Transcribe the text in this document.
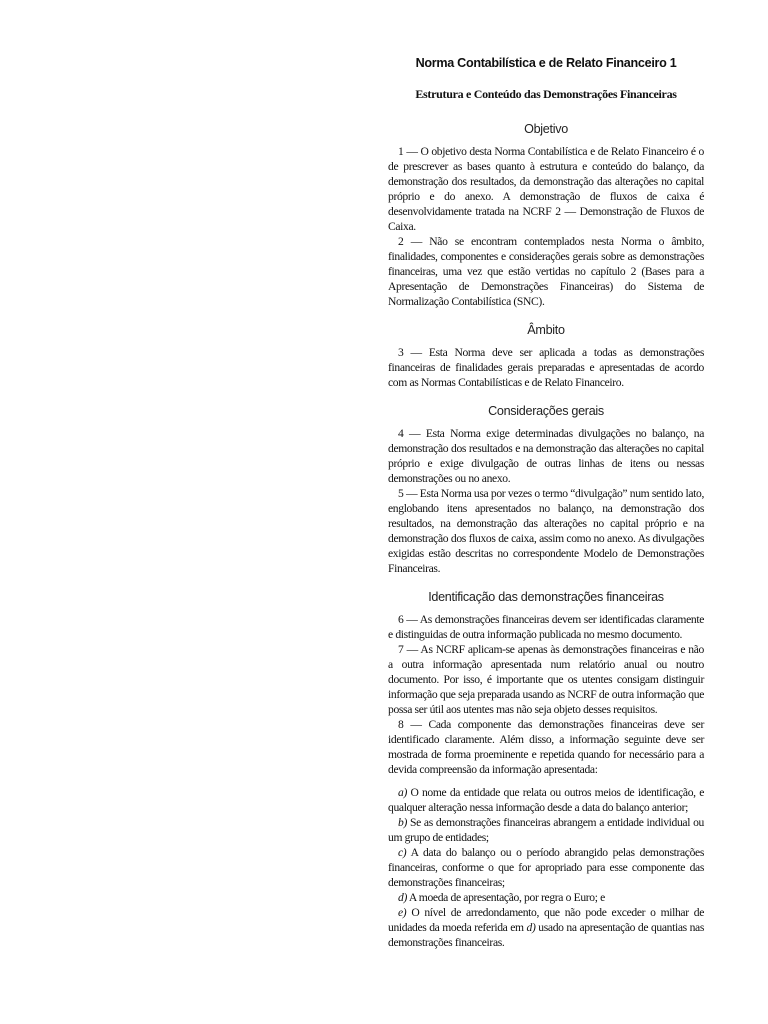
Norma Contabilística e de Relato Financeiro 1
Estrutura e Conteúdo das Demonstrações Financeiras
Objetivo

1 — O objetivo desta Norma Contabilística e de Relato Financeiro é o de prescrever as bases quanto à estrutura e conteúdo do balanço, da demonstração dos resultados, da demonstração das alterações no capital próprio e do anexo. A demonstração de fluxos de caixa é desenvolvidamente tratada na NCRF 2 — Demonstração de Fluxos de Caixa.

2 — Não se encontram contemplados nesta Norma o âmbito, finalidades, componentes e considerações gerais sobre as demonstrações financeiras, uma vez que estão vertidas no capítulo 2 (Bases para a Apresentação de Demonstrações Financeiras) do Sistema de Normalização Contabilística (SNC).

Âmbito

3 — Esta Norma deve ser aplicada a todas as demonstrações financeiras de finalidades gerais preparadas e apresentadas de acordo com as Normas Contabilísticas e de Relato Financeiro.

Considerações gerais

4 — Esta Norma exige determinadas divulgações no balanço, na demonstração dos resultados e na demonstração das alterações no capital próprio e exige divulgação de outras linhas de itens ou nessas demonstrações ou no anexo.

5 — Esta Norma usa por vezes o termo “divulgação” num sentido lato, englobando itens apresentados no balanço, na demonstração dos resultados, na demonstração das alterações no capital próprio e na demonstração dos fluxos de caixa, assim como no anexo. As divulgações exigidas estão descritas no correspondente Modelo de Demonstrações Financeiras.

Identificação das demonstrações financeiras

6 — As demonstrações financeiras devem ser identificadas claramente e distinguidas de outra informação publicada no mesmo documento.

7 — As NCRF aplicam-se apenas às demonstrações financeiras e não a outra informação apresentada num relatório anual ou noutro documento. Por isso, é importante que os utentes consigam distinguir informação que seja preparada usando as NCRF de outra informação que possa ser útil aos utentes mas não seja objeto desses requisitos.

8 — Cada componente das demonstrações financeiras deve ser identificado claramente. Além disso, a informação seguinte deve ser mostrada de forma proeminente e repetida quando for necessário para a devida compreensão da informação apresentada:

a) O nome da entidade que relata ou outros meios de identificação, e qualquer alteração nessa informação desde a data do balanço anterior;

b) Se as demonstrações financeiras abrangem a entidade individual ou um grupo de entidades;

c) A data do balanço ou o período abrangido pelas demonstrações financeiras, conforme o que for apropriado para esse componente das demonstrações financeiras;

d) A moeda de apresentação, por regra o Euro; e

e) O nível de arredondamento, que não pode exceder o milhar de unidades da moeda referida em d) usado na apresentação de quantias nas demonstrações financeiras.
